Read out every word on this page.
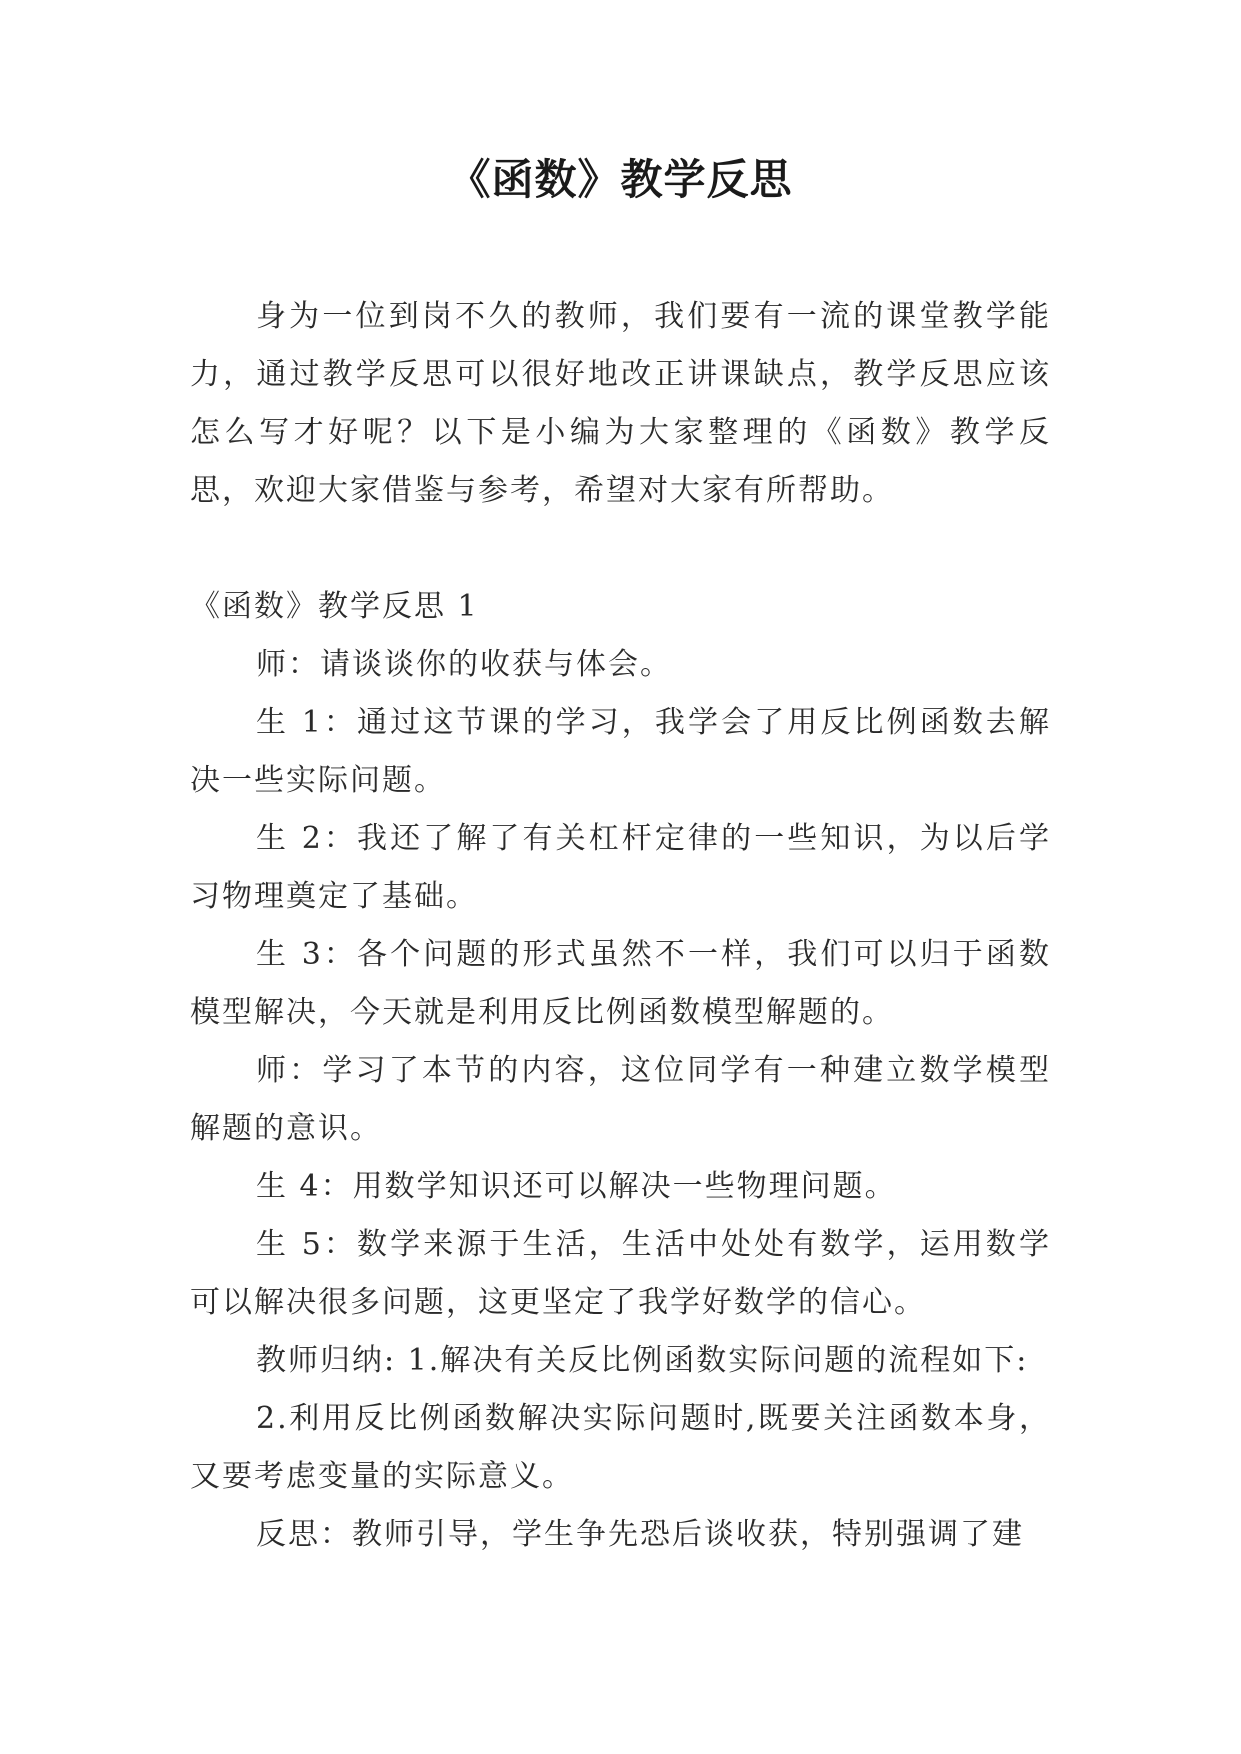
《函数》教学反思
身为一位到岗不久的教师，我们要有一流的课堂教学能力，通过教学反思可以很好地改正讲课缺点，教学反思应该怎么写才好呢？以下是小编为大家整理的《函数》教学反思，欢迎大家借鉴与参考，希望对大家有所帮助。

《函数》教学反思 1

师：请谈谈你的收获与体会。

生 1：通过这节课的学习，我学会了用反比例函数去解决一些实际问题。

生 2：我还了解了有关杠杆定律的一些知识，为以后学习物理奠定了基础。

生 3：各个问题的形式虽然不一样，我们可以归于函数模型解决，今天就是利用反比例函数模型解题的。

师：学习了本节的内容，这位同学有一种建立数学模型解题的意识。

生 4：用数学知识还可以解决一些物理问题。

生 5：数学来源于生活，生活中处处有数学，运用数学可以解决很多问题，这更坚定了我学好数学的信心。

教师归纳: 1.解决有关反比例函数实际问题的流程如下:

2.利用反比例函数解决实际问题时,既要关注函数本身，又要考虑变量的实际意义。

反思：教师引导，学生争先恐后谈收获，特别强调了建
